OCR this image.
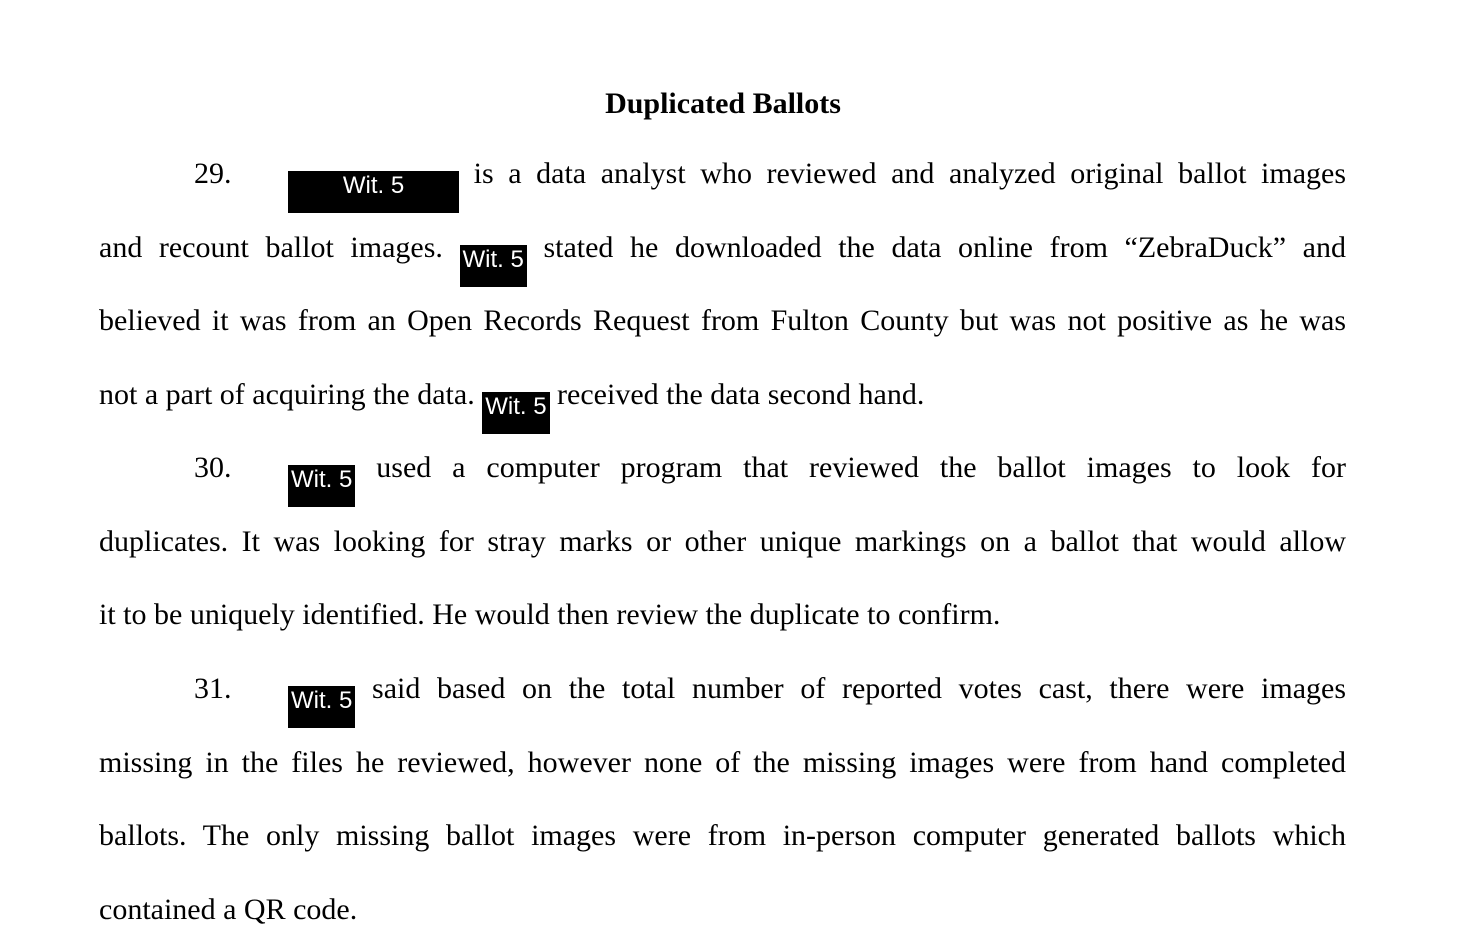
Duplicated Ballots
29.	Wit. 5 is a data analyst who reviewed and analyzed original ballot images
and recount ballot images. Wit. 5 stated he downloaded the data online from “ZebraDuck” and
believed it was from an Open Records Request from Fulton County but was not positive as he was
not a part of acquiring the data. Wit. 5 received the data second hand.
30. Wit. 5 used a computer program that reviewed the ballot images to look for
duplicates. It was looking for stray marks or other unique markings on a ballot that would allow
it to be uniquely identified. He would then review the duplicate to confirm.
31. Wit. 5 said based on the total number of reported votes cast, there were images
missing in the files he reviewed, however none of the missing images were from hand completed
ballots. The only missing ballot images were from in-person computer generated ballots which
contained a QR code.
